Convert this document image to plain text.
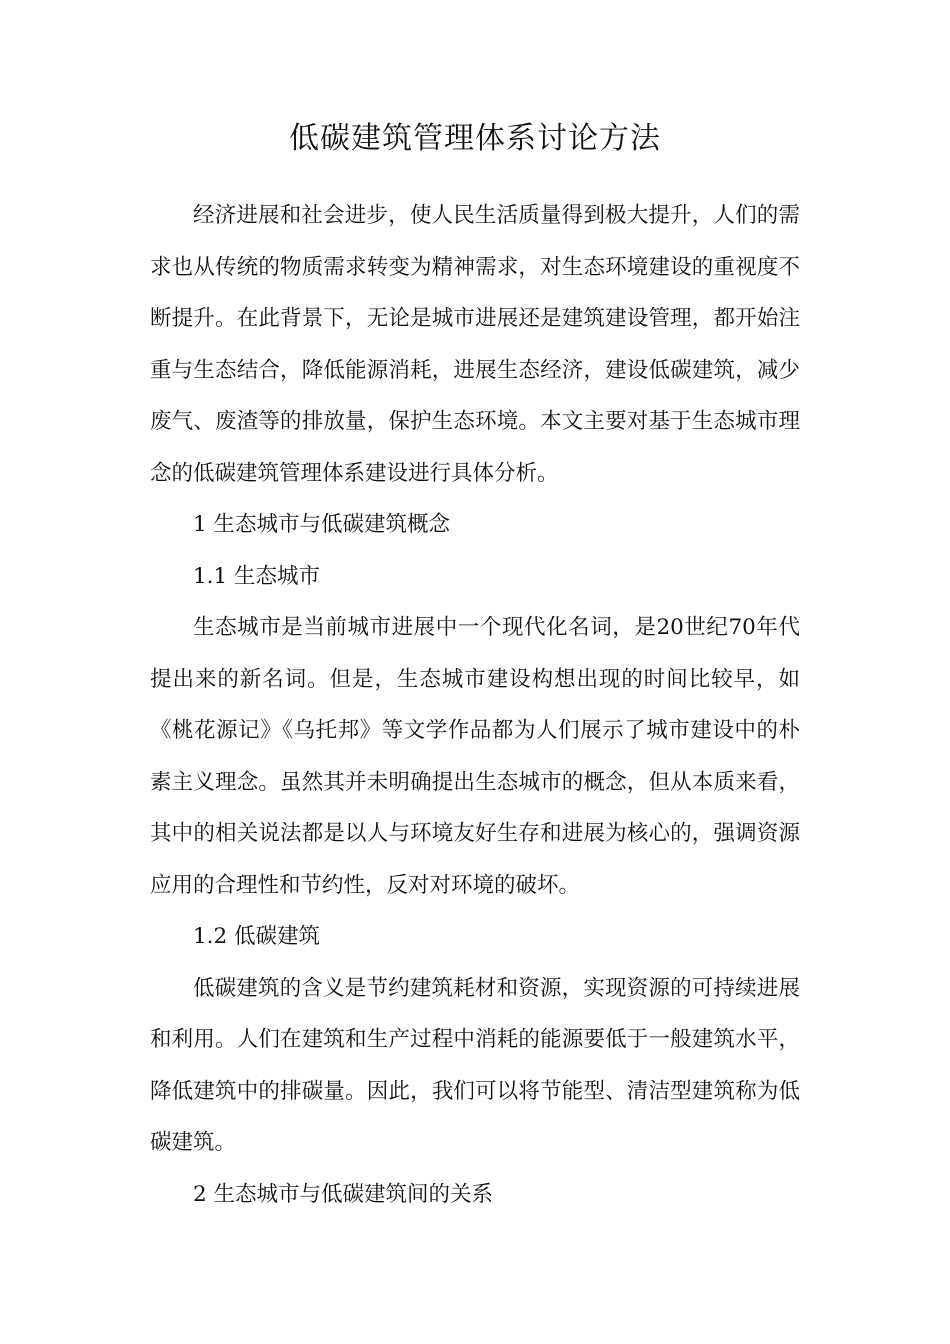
低碳建筑管理体系讨论方法

经济进展和社会进步，使人民生活质量得到极大提升，人们的需求也从传统的物质需求转变为精神需求，对生态环境建设的重视度不断提升。在此背景下，无论是城市进展还是建筑建设管理，都开始注重与生态结合，降低能源消耗，进展生态经济，建设低碳建筑，减少废气、废渣等的排放量，保护生态环境。本文主要对基于生态城市理念的低碳建筑管理体系建设进行具体分析。

1 生态城市与低碳建筑概念
1.1 生态城市

生态城市是当前城市进展中一个现代化名词，是20世纪70年代提出来的新名词。但是，生态城市建设构想出现的时间比较早，如《桃花源记》《乌托邦》等文学作品都为人们展示了城市建设中的朴素主义理念。虽然其并未明确提出生态城市的概念，但从本质来看，其中的相关说法都是以人与环境友好生存和进展为核心的，强调资源应用的合理性和节约性，反对对环境的破坏。

1.2 低碳建筑

低碳建筑的含义是节约建筑耗材和资源，实现资源的可持续进展和利用。人们在建筑和生产过程中消耗的能源要低于一般建筑水平，降低建筑中的排碳量。因此，我们可以将节能型、清洁型建筑称为低碳建筑。

2 生态城市与低碳建筑间的关系
